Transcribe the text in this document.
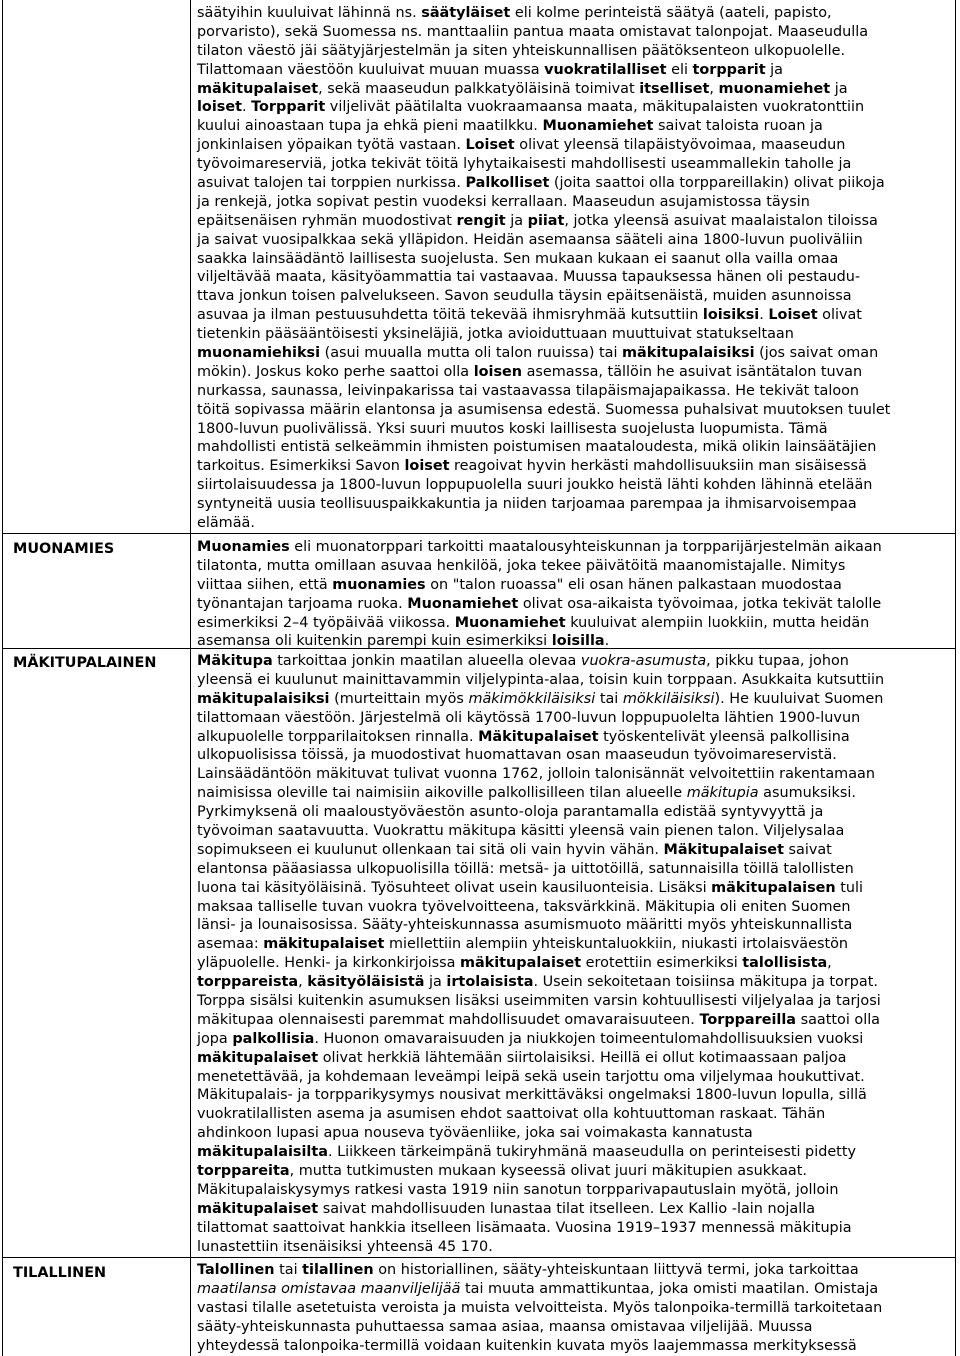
säätyihin kuuluivat lähinnä ns. säätyläiset eli kolme perinteistä säätyä (aateli, papisto,
porvaristo), sekä Suomessa ns. manttaaliin pantua maata omistavat talonpojat. Maaseudulla
tilaton väestö jäi säätyjärjestelmän ja siten yhteiskunnallisen päätöksenteon ulkopuolelle.
Tilattomaan väestöön kuuluivat muuan muassa vuokratilalliset eli torpparit ja
mäkitupalaiset, sekä maaseudun palkkatyöläisinä toimivat itselliset, muonamiehet ja
loiset. Torpparit viljelivät päätilalta vuokraamaansa maata, mäkitupalaisten vuokratonttiin
kuului ainoastaan tupa ja ehkä pieni maatilkku. Muonamiehet saivat taloista ruoan ja
jonkinlaisen yöpaikan työtä vastaan. Loiset olivat yleensä tilapäistyövoimaa, maaseudun
työvoimareserviä, jotka tekivät töitä lyhytaikaisesti mahdollisesti useammallekin taholle ja
asuivat talojen tai torppien nurkissa. Palkolliset (joita saattoi olla torppareillakin) olivat piikoja
ja renkejä, jotka sopivat pestin vuodeksi kerrallaan. Maaseudun asujamistossa täysin
epäitsenäisen ryhmän muodostivat rengit ja piiat, jotka yleensä asuivat maalaistalon tiloissa
ja saivat vuosipalkkaa sekä ylläpidon. Heidän asemaansa sääteli aina 1800-luvun puoliväliin
saakka lainsäädäntö laillisesta suojelusta. Sen mukaan kukaan ei saanut olla vailla omaa
viljeltävää maata, käsityöammattia tai vastaavaa. Muussa tapauksessa hänen oli pestaudu-
ttava jonkun toisen palvelukseen. Savon seudulla täysin epäitsenäistä, muiden asunnoissa
asuvaa ja ilman pestuusuhdetta töitä tekevää ihmisryhmää kutsuttiin loisiksi. Loiset olivat
tietenkin pääsääntöisesti yksineläjiä, jotka avioiduttuaan muuttuivat statukseltaan
muonamiehiksi (asui muualla mutta oli talon ruuissa) tai mäkitupalaisiksi (jos saivat oman
mökin). Joskus koko perhe saattoi olla loisen asemassa, tällöin he asuivat isäntätalon tuvan
nurkassa, saunassa, leivinpakarissa tai vastaavassa tilapäismajapaikassa. He tekivät taloon
töitä sopivassa määrin elantonsa ja asumisensa edestä. Suomessa puhalsivat muutoksen tuulet
1800-luvun puolivälissä. Yksi suuri muutos koski laillisesta suojelusta luopumista. Tämä
mahdollisti entistä selkeämmin ihmisten poistumisen maataloudesta, mikä olikin lainsäätäjien
tarkoitus. Esimerkiksi Savon loiset reagoivat hyvin herkästi mahdollisuuksiin man sisäisessä
siirtolaisuudessa ja 1800-luvun loppupuolella suuri joukko heistä lähti kohden lähinnä etelään
syntyneitä uusia teollisuuspaikkakuntia ja niiden tarjoamaa parempaa ja ihmisarvoisempaa
elämää.
MUONAMIES	Muonamies eli muonatorppari tarkoitti maatalousyhteiskunnan ja torpparijärjestelmän aikaan
tilatonta, mutta omillaan asuvaa henkilöä, joka tekee päivätöitä maanomistajalle. Nimitys
viittaa siihen, että muonamies on "talon ruoassa" eli osan hänen palkastaan muodostaa
työnantajan tarjoama ruoka. Muonamiehet olivat osa-aikaista työvoimaa, jotka tekivät talolle
esimerkiksi 2–4 työpäivää viikossa. Muonamiehet kuuluivat alempiin luokkiin, mutta heidän
asemansa oli kuitenkin parempi kuin esimerkiksi loisilla.
MÄKITUPALAINEN	Mäkitupa tarkoittaa jonkin maatilan alueella olevaa vuokra-asumusta, pikku tupaa, johon
yleensä ei kuulunut mainittavammin viljelypinta-alaa, toisin kuin torppaan. Asukkaita kutsuttiin
mäkitupalaisiksi (murteittain myös mäkimökkiläisiksi tai mökkiläisiksi). He kuuluivat Suomen
tilattomaan väestöön. Järjestelmä oli käytössä 1700-luvun loppupuolelta lähtien 1900-luvun
alkupuolelle torpparilaitoksen rinnalla. Mäkitupalaiset työskentelivät yleensä palkollisina
ulkopuolisissa töissä, ja muodostivat huomattavan osan maaseudun työvoimareservistä.
Lainsäädäntöön mäkituvat tulivat vuonna 1762, jolloin talonisännät velvoitettiin rakentamaan
naimisissa oleville tai naimisiin aikoville palkollisilleen tilan alueelle mäkitupia asumuksiksi.
Pyrkimyksenä oli maaloustyöväestön asunto-oloja parantamalla edistää syntyvyyttä ja
työvoiman saatavuutta. Vuokrattu mäkitupa käsitti yleensä vain pienen talon. Viljelysalaa
sopimukseen ei kuulunut ollenkaan tai sitä oli vain hyvin vähän. Mäkitupalaiset saivat
elantonsa pääasiassa ulkopuolisilla töillä: metsä- ja uittotöillä, satunnaisilla töillä talollisten
luona tai käsityöläisinä. Työsuhteet olivat usein kausiluonteisia. Lisäksi mäkitupalaisen tuli
maksaa talliselle tuvan vuokra työvelvoitteena, taksvärkkinä. Mäkitupia oli eniten Suomen
länsi- ja lounaisosissa. Sääty-yhteiskunnassa asumismuoto määritti myös yhteiskunnallista
asemaa: mäkitupalaiset miellettiin alempiin yhteiskuntaluokkiin, niukasti irtolaisväestön
yläpuolelle. Henki- ja kirkonkirjoissa mäkitupalaiset erotettiin esimerkiksi talollisista,
torppareista, käsityöläisistä ja irtolaisista. Usein sekoitetaan toisiinsa mäkitupa ja torpat.
Torppa sisälsi kuitenkin asumuksen lisäksi useimmiten varsin kohtuullisesti viljelyalaa ja tarjosi
mäkitupaa olennaisesti paremmat mahdollisuudet omavaraisuuteen. Torppareilla saattoi olla
jopa palkollisia. Huonon omavaraisuuden ja niukkojen toimeentulomahdollisuuksien vuoksi
mäkitupalaiset olivat herkkiä lähtemään siirtolaisiksi. Heillä ei ollut kotimaassaan paljoa
menetettävää, ja kohdemaan leveämpi leipä sekä usein tarjottu oma viljelymaa houkuttivat.
Mäkitupalais- ja torpparikysymys nousivat merkittäväksi ongelmaksi 1800-luvun lopulla, sillä
vuokratilallisten asema ja asumisen ehdot saattoivat olla kohtuuttoman raskaat. Tähän
ahdinkoon lupasi apua nouseva työväenliike, joka sai voimakasta kannatusta
mäkitupalaisilta. Liikkeen tärkeimpänä tukiryhmänä maaseudulla on perinteisesti pidetty
torppareita, mutta tutkimusten mukaan kyseessä olivat juuri mäkitupien asukkaat.
Mäkitupalaiskysymys ratkesi vasta 1919 niin sanotun torpparivapautuslain myötä, jolloin
mäkitupalaiset saivat mahdollisuuden lunastaa tilat itselleen. Lex Kallio -lain nojalla
tilattomat saattoivat hankkia itselleen lisämaata. Vuosina 1919–1937 mennessä mäkitupia
lunastettiin itsenäisiksi yhteensä 45 170.
TILALLINEN	Talollinen tai tilallinen on historiallinen, sääty-yhteiskuntaan liittyvä termi, joka tarkoittaa
maatilansa omistavaa maanviljelijää tai muuta ammattikuntaa, joka omisti maatilan. Omistaja
vastasi tilalle asetetuista veroista ja muista velvoitteista. Myös talonpoika-termillä tarkoitetaan
sääty-yhteiskunnasta puhuttaessa samaa asiaa, maansa omistavaa viljelijää. Muussa
yhteydessä talonpoika-termillä voidaan kuitenkin kuvata myös laajemmassa merkityksessä
